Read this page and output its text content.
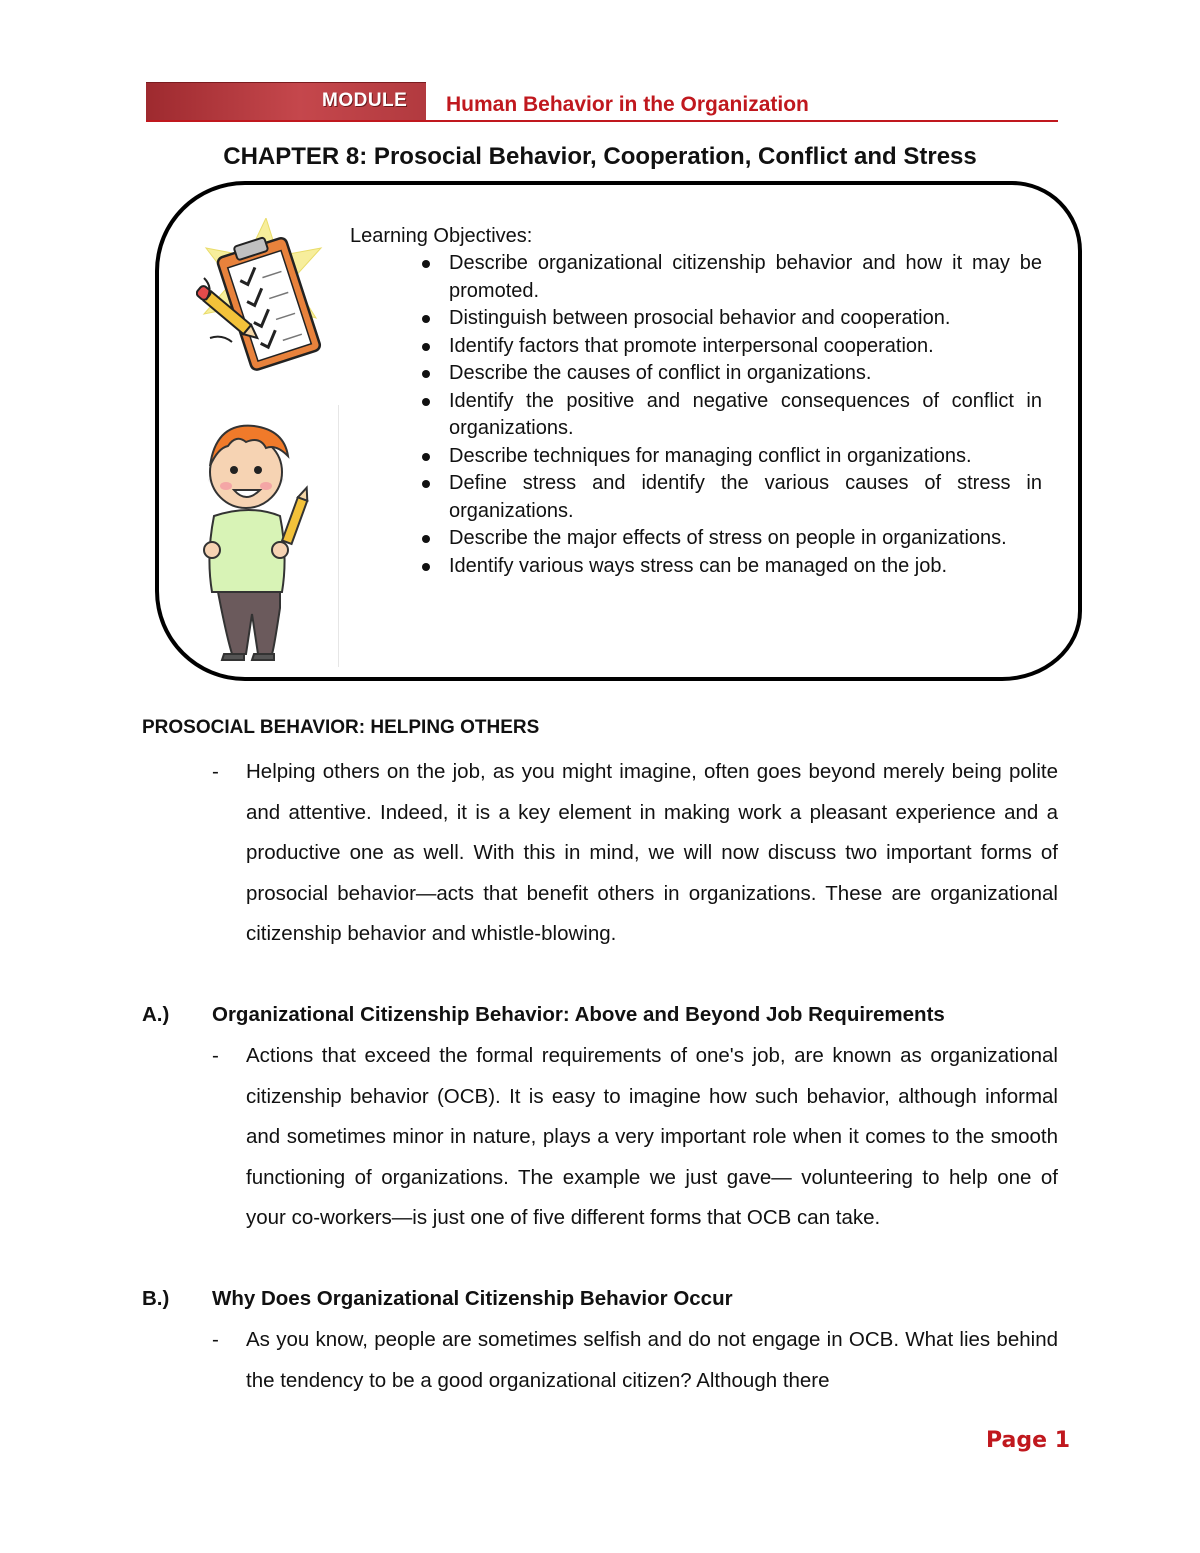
MODULE Human Behavior in the Organization
CHAPTER 8: Prosocial Behavior, Cooperation, Conflict and Stress
Learning Objectives:
Describe organizational citizenship behavior and how it may be promoted.
Distinguish between prosocial behavior and cooperation.
Identify factors that promote interpersonal cooperation.
Describe the causes of conflict in organizations.
Identify the positive and negative consequences of conflict in organizations.
Describe techniques for managing conflict in organizations.
Define stress and identify the various causes of stress in organizations.
Describe the major effects of stress on people in organizations.
Identify various ways stress can be managed on the job.
PROSOCIAL BEHAVIOR: HELPING OTHERS
- Helping others on the job, as you might imagine, often goes beyond merely being polite and attentive. Indeed, it is a key element in making work a pleasant experience and a productive one as well. With this in mind, we will now discuss two important forms of prosocial behavior—acts that benefit others in organizations. These are organizational citizenship behavior and whistle-blowing.
A.) Organizational Citizenship Behavior: Above and Beyond Job Requirements
- Actions that exceed the formal requirements of one's job, are known as organizational citizenship behavior (OCB). It is easy to imagine how such behavior, although informal and sometimes minor in nature, plays a very important role when it comes to the smooth functioning of organizations. The example we just gave— volunteering to help one of your co-workers—is just one of five different forms that OCB can take.
B.) Why Does Organizational Citizenship Behavior Occur
- As you know, people are sometimes selfish and do not engage in OCB. What lies behind the tendency to be a good organizational citizen? Although there
Page 1
